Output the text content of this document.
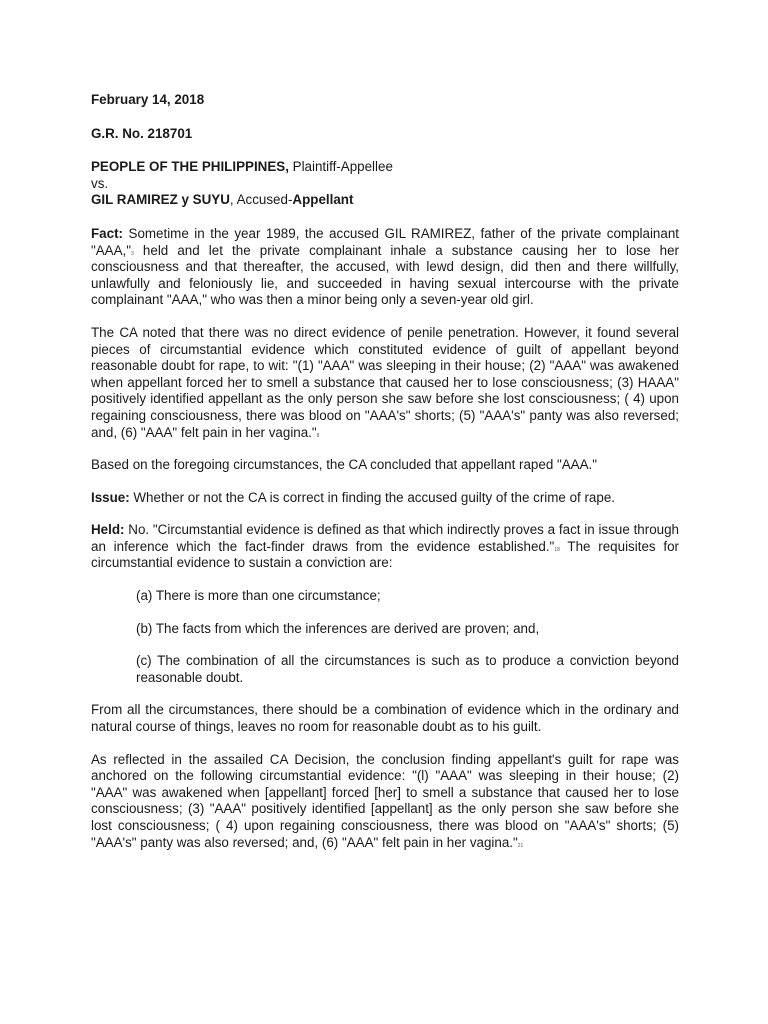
February 14, 2018

G.R. No. 218701

PEOPLE OF THE PHILIPPINES, Plaintiff-Appellee

vs.

GIL RAMIREZ y SUYU, Accused-Appellant

Fact: Sometime in the year 1989, the accused GIL RAMIREZ, father of the private complainant "AAA,"$^3$ held and let the private complainant inhale a substance causing her to lose her consciousness and that thereafter, the accused, with lewd design, did then and there willfully, unlawfully and feloniously lie, and succeeded in having sexual intercourse with the private complainant "AAA," who was then a minor being only a seven-year old girl.

The CA noted that there was no direct evidence of penile penetration. However, it found several pieces of circumstantial evidence which constituted evidence of guilt of appellant beyond reasonable doubt for rape, to wit: "(1) "AAA" was sleeping in their house; (2) "AAA" was awakened when appellant forced her to smell a substance that caused her to lose consciousness; (3) HAAA" positively identified appellant as the only person she saw before she lost consciousness; ( 4) upon regaining consciousness, there was blood on "AAA's" shorts; (5) "AAA's" panty was also reversed; and, (6) "AAA" felt pain in her vagina."$^8$

Based on the foregoing circumstances, the CA concluded that appellant raped "AAA."

Issue: Whether or not the CA is correct in finding the accused guilty of the crime of rape.

Held: No. "Circumstantial evidence is defined as that which indirectly proves a fact in issue through an inference which the fact-finder draws from the evidence established."$^{18}$ The requisites for circumstantial evidence to sustain a conviction are:

(a) There is more than one circumstance;

(b) The facts from which the inferences are derived are proven; and,

(c) The combination of all the circumstances is such as to produce a conviction beyond reasonable doubt.

From all the circumstances, there should be a combination of evidence which in the ordinary and natural course of things, leaves no room for reasonable doubt as to his guilt.

As reflected in the assailed CA Decision, the conclusion finding appellant's guilt for rape was anchored on the following circumstantial evidence: "(l) "AAA" was sleeping in their house; (2) "AAA" was awakened when [appellant] forced [her] to smell a substance that caused her to lose consciousness; (3) "AAA" positively identified [appellant] as the only person she saw before she lost consciousness; ( 4) upon regaining consciousness, there was blood on "AAA's" shorts; (5) "AAA's" panty was also reversed; and, (6) "AAA" felt pain in her vagina."$^{21}$
